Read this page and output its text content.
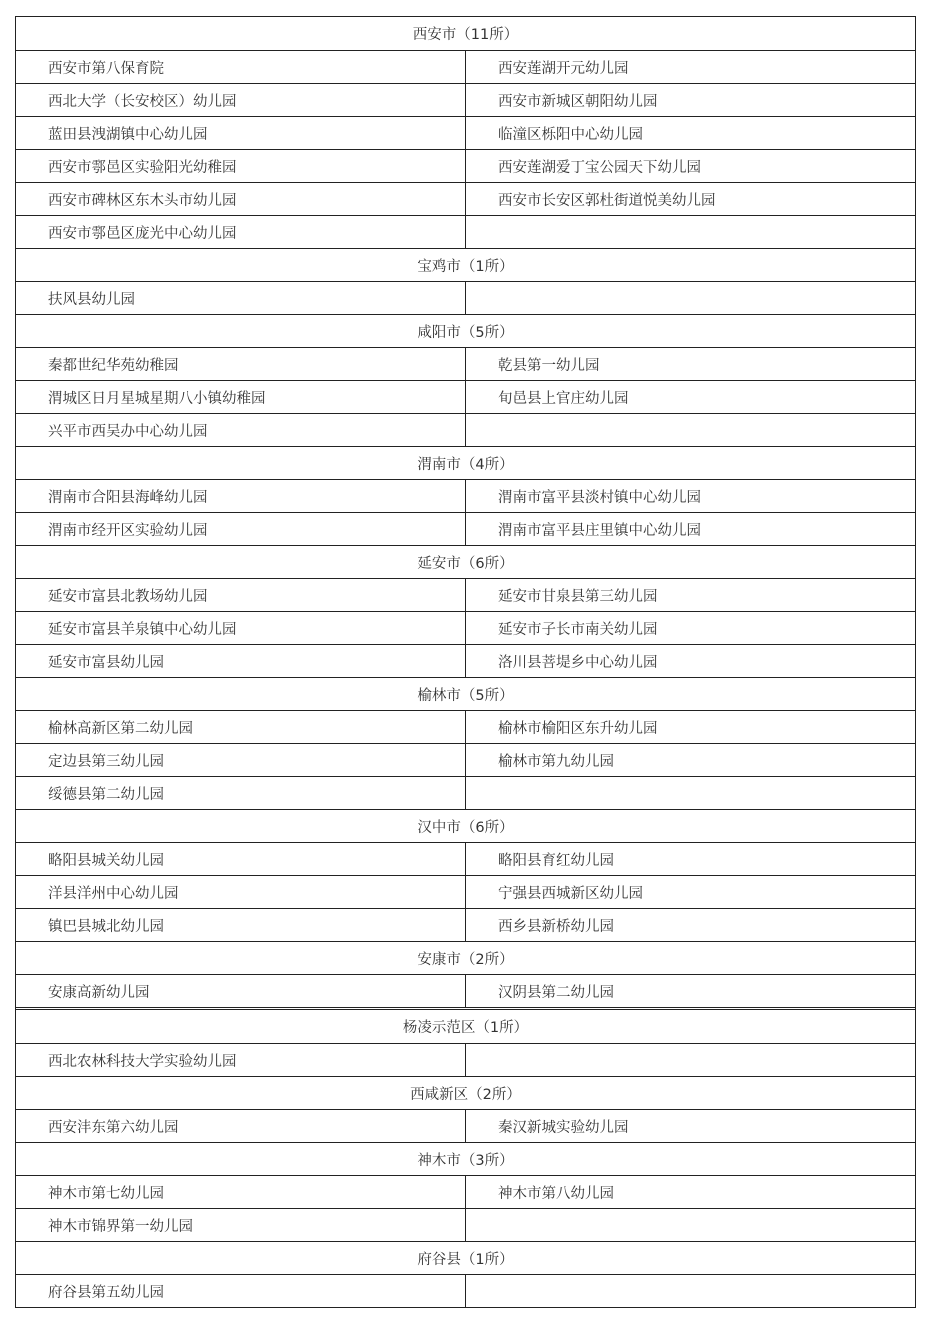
西安市（11所）
西安市第八保育院	西安莲湖开元幼儿园
西北大学（长安校区）幼儿园	西安市新城区朝阳幼儿园
蓝田县洩湖镇中心幼儿园	临潼区栎阳中心幼儿园
西安市鄠邑区实验阳光幼稚园	西安莲湖爱丁宝公园天下幼儿园
西安市碑林区东木头市幼儿园	西安市长安区郭杜街道悦美幼儿园
西安市鄠邑区庞光中心幼儿园
宝鸡市（1所）
扶风县幼儿园
咸阳市（5所）
秦都世纪华苑幼稚园	乾县第一幼儿园
渭城区日月星城星期八小镇幼稚园	旬邑县上官庄幼儿园
兴平市西吴办中心幼儿园
渭南市（4所）
渭南市合阳县海峰幼儿园	渭南市富平县淡村镇中心幼儿园
渭南市经开区实验幼儿园	渭南市富平县庄里镇中心幼儿园
延安市（6所）
延安市富县北教场幼儿园	延安市甘泉县第三幼儿园
延安市富县羊泉镇中心幼儿园	延安市子长市南关幼儿园
延安市富县幼儿园	洛川县菩堤乡中心幼儿园
榆林市（5所）
榆林高新区第二幼儿园	榆林市榆阳区东升幼儿园
定边县第三幼儿园	榆林市第九幼儿园
绥德县第二幼儿园
汉中市（6所）
略阳县城关幼儿园	略阳县育红幼儿园
洋县洋州中心幼儿园	宁强县西城新区幼儿园
镇巴县城北幼儿园	西乡县新桥幼儿园
安康市（2所）
安康高新幼儿园	汉阴县第二幼儿园
杨凌示范区（1所）
西北农林科技大学实验幼儿园
西咸新区（2所）
西安沣东第六幼儿园	秦汉新城实验幼儿园
神木市（3所）
神木市第七幼儿园	神木市第八幼儿园
神木市锦界第一幼儿园
府谷县（1所）
府谷县第五幼儿园
